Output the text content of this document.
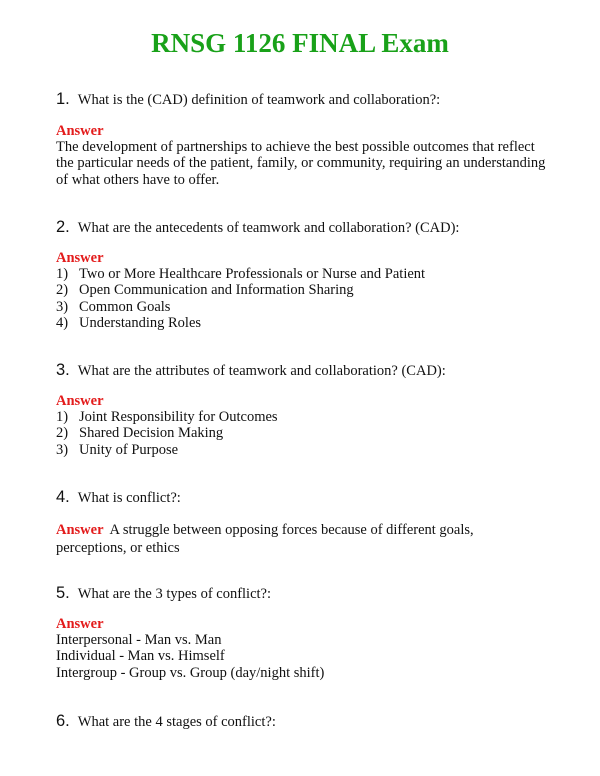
RNSG 1126 FINAL Exam
1. What is the (CAD) definition of teamwork and collaboration?:
Answer
The development of partnerships to achieve the best possible outcomes that reflect the particular needs of the patient, family, or community, requiring an understanding of what others have to offer.
2. What are the antecedents of teamwork and collaboration? (CAD):
Answer
1) Two or More Healthcare Professionals or Nurse and Patient
2) Open Communication and Information Sharing
3) Common Goals
4) Understanding Roles
3. What are the attributes of teamwork and collaboration? (CAD):
Answer
1) Joint Responsibility for Outcomes
2) Shared Decision Making
3) Unity of Purpose
4. What is conflict?:
Answer A struggle between opposing forces because of different goals, perceptions, or ethics
5. What are the 3 types of conflict?:
Answer
Interpersonal - Man vs. Man
Individual - Man vs. Himself
Intergroup - Group vs. Group (day/night shift)
6. What are the 4 stages of conflict?:
